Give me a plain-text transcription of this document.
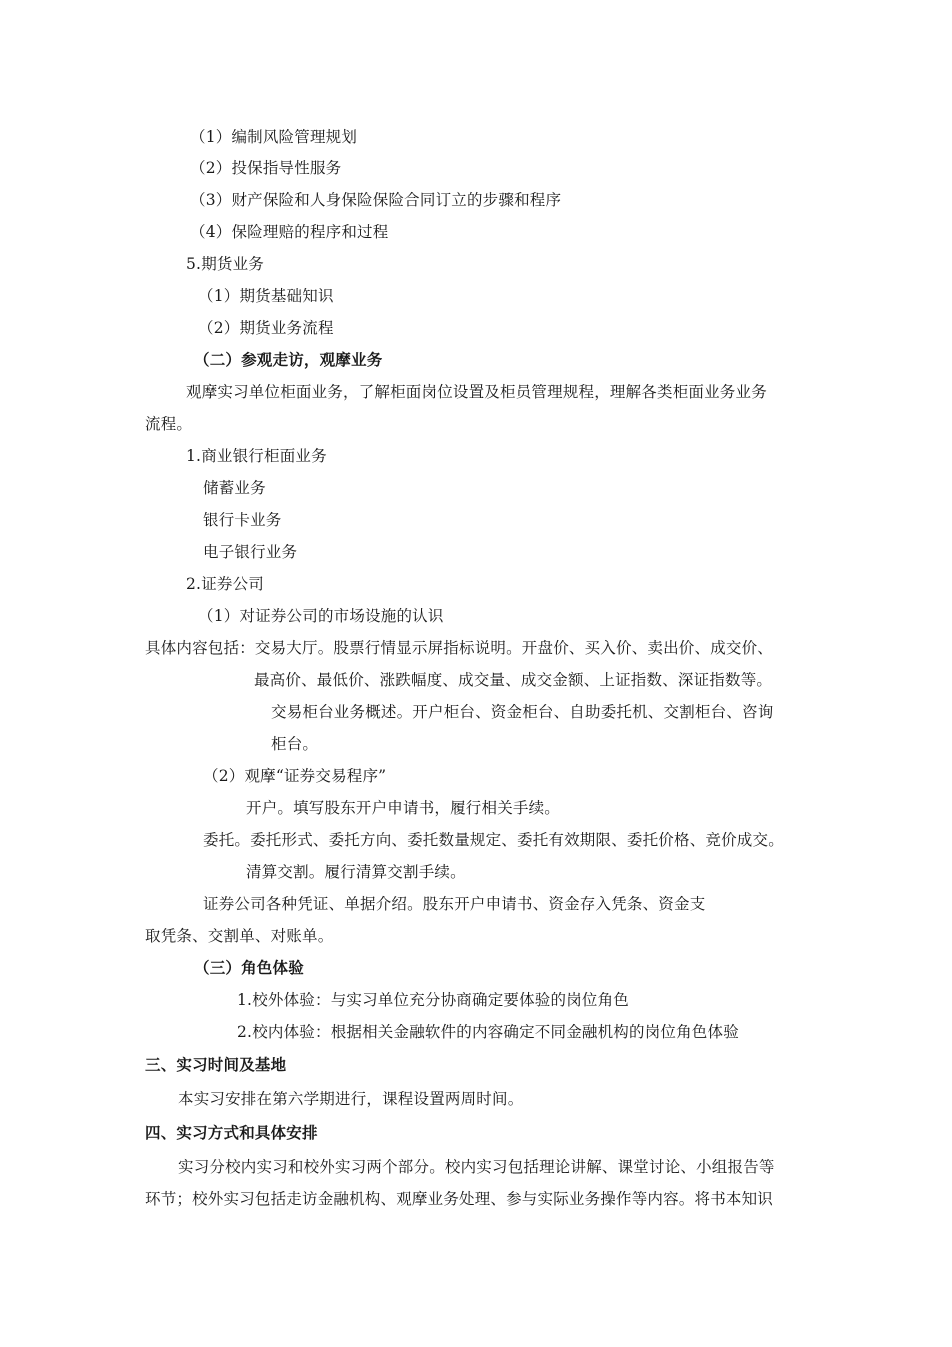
（1）编制风险管理规划
（2）投保指导性服务
（3）财产保险和人身保险保险合同订立的步骤和程序
（4）保险理赔的程序和过程
5.期货业务
（1）期货基础知识
（2）期货业务流程
（二）参观走访，观摩业务
观摩实习单位柜面业务，了解柜面岗位设置及柜员管理规程，理解各类柜面业务业务
流程。
1.商业银行柜面业务
储蓄业务
银行卡业务
电子银行业务
2.证券公司
（1）对证券公司的市场设施的认识
具体内容包括：交易大厅。股票行情显示屏指标说明。开盘价、买入价、卖出价、成交价、
最高价、最低价、涨跌幅度、成交量、成交金额、上证指数、深证指数等。
交易柜台业务概述。开户柜台、资金柜台、自助委托机、交割柜台、咨询
柜台。
（2）观摩“证券交易程序”
开户。填写股东开户申请书，履行相关手续。
委托。委托形式、委托方向、委托数量规定、委托有效期限、委托价格、竞价成交。
清算交割。履行清算交割手续。
证券公司各种凭证、单据介绍。股东开户申请书、资金存入凭条、资金支
取凭条、交割单、对账单。
（三）角色体验
1.校外体验：与实习单位充分协商确定要体验的岗位角色
2.校内体验：根据相关金融软件的内容确定不同金融机构的岗位角色体验
三、实习时间及基地
本实习安排在第六学期进行，课程设置两周时间。
四、实习方式和具体安排
实习分校内实习和校外实习两个部分。校内实习包括理论讲解、课堂讨论、小组报告等
环节；校外实习包括走访金融机构、观摩业务处理、参与实际业务操作等内容。将书本知识
